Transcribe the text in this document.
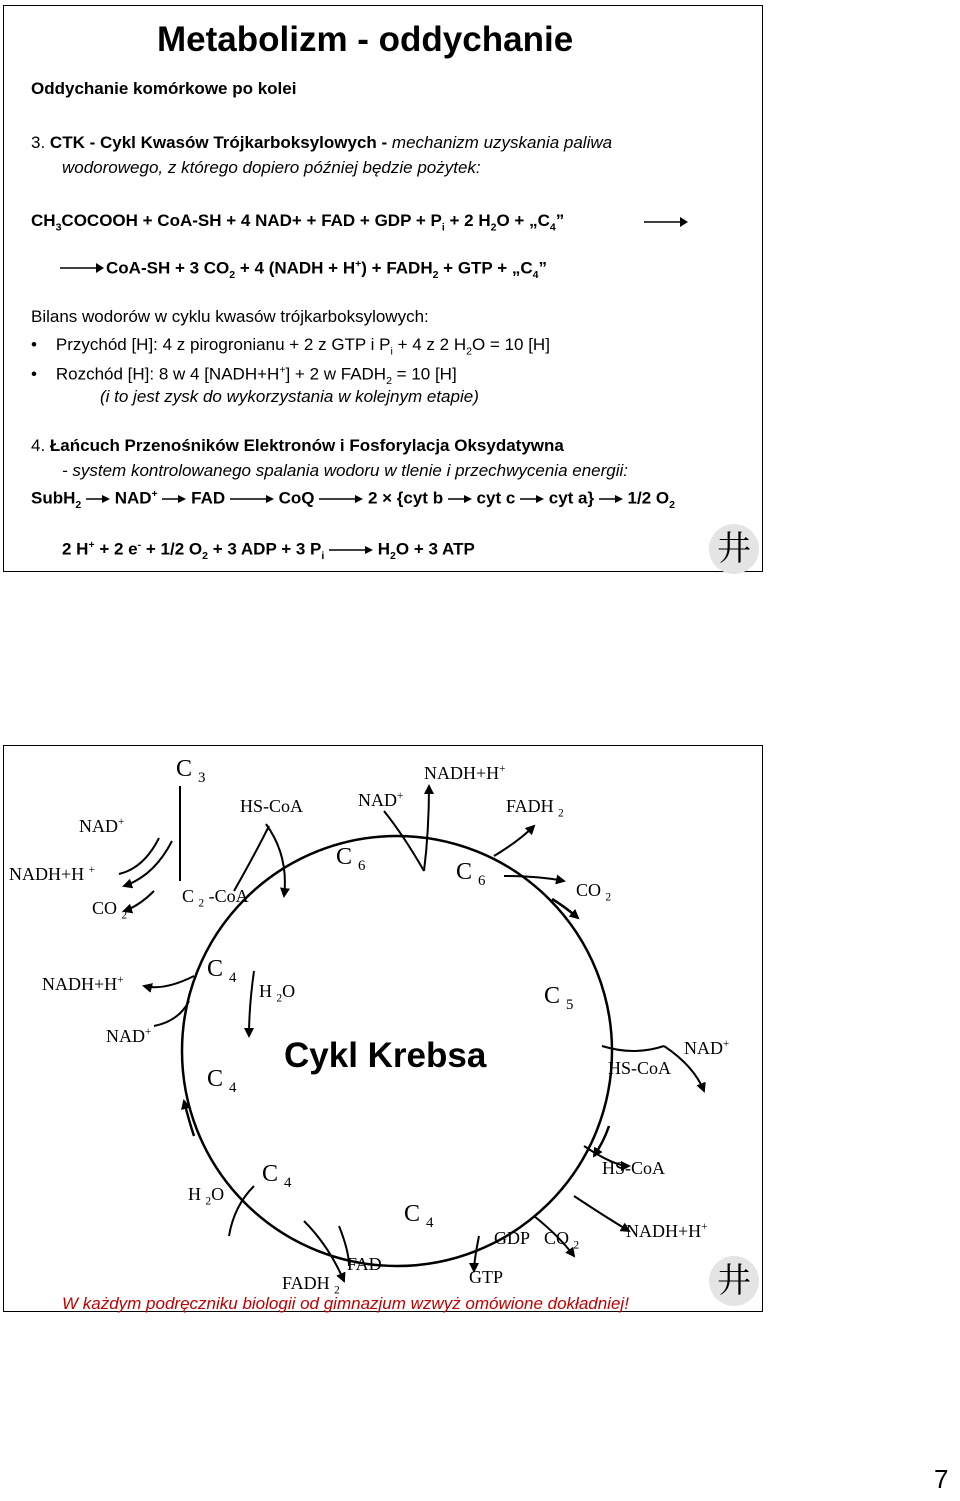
Metabolizm - oddychanie
Oddychanie komórkowe po kolei
3. CTK - Cykl Kwasów Trójkarboksylowych - mechanizm uzyskania paliwa
wodorowego, z którego dopiero później będzie pożytek:
$CH_3COCOOH + CoA-SH + 4$ NAD+ + FAD + GDP + $P_i + 2$ $H_2O$ + $„C_4$”
CoA-SH + 3 $CO_2 + 4$ (NADH + $H^+) + FADH_2$ + GTP + $„C_4$”
Bilans wodorów w cyklu kwasów trójkarboksylowych:
•    Przychód [H]: 4 z pirogronianu + 2 z GTP i $P_i + 4$ z 2 $H_2O = 10$ [H]
•    Rozchód [H]: 8 w 4 [NADH+H+] + 2 w $FADH_2 = 10$ [H]
(i to jest zysk do wykorzystania w kolejnym etapie)
4. Łańcuch Przenośników Elektronów i Fosforylacja Oksydatywna
- system kontrolowanego spalania wodoru w tlenie i przechwycenia energii:
SubH$_2$  NAD+  FAD	CoQ	2 × {cyt b  cyt c  cyt a}  1/2 $O_2$
2 H+ + 2 e- + 1/2 $O_2 + 3$ ADP + 3 $P_i$	$H_2O + 3$ ATP	井
C $_3$	NADH+H+
HS-CoA	NAD+	FADH $_2$
NAD+
C $_6$
NADH+H +	C $_6$
C $_2$ -CoA
CO $_2$
CO $_2$
C $_4$
NADH+H+
H $_2$O	C $_5$
NAD+
NAD+
HS-CoA
C $_4$
Cykl Krebsa
HS-CoA
C $_4$
H $_2$O
C $_4$	NADH+H+
GDP CO $_2$
FAD
GTP
FADH $_2$
W każdym podręczniku biologii od gimnazjum wzwyż omówione dokładniej!
井
7
